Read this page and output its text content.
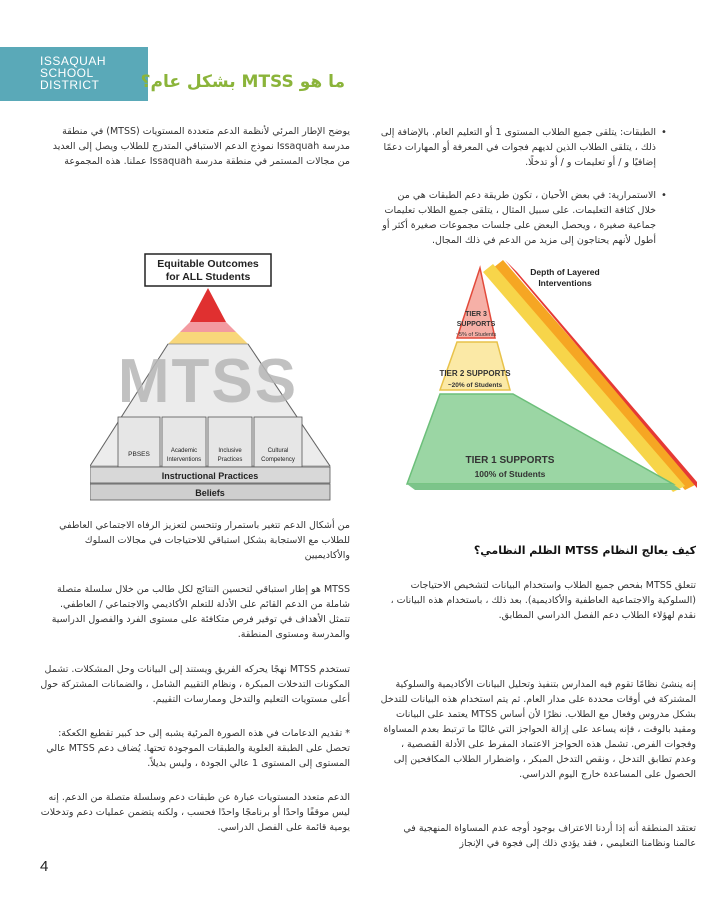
ISSAQUAH
SCHOOL
DISTRICT	ما هو MTSS بشكل عام؟
•

الطبقات: يتلقى جميع الطلاب المستوى 1 أو التعليم العام. بالإضافة إلى ذلك ، يتلقى الطلاب الذين لديهم فجوات في المعرفة أو المهارات دعمًا إضافيًا و / أو تعليمات و / أو تدخلًا.

•

الاستمرارية: في بعض الأحيان ، تكون طريقة دعم الطبقات هي من خلال كثافة التعليمات. على سبيل المثال ، يتلقى جميع الطلاب تعليمات جماعية صغيرة ، ويحصل البعض على جلسات مجموعات صغيرة أكثر أو أطول لأنهم يحتاجون إلى مزيد من الدعم في ذلك المجال.

Depth of Layered
Interventions
TIER 3
SUPPORTS
~5% of Students
TIER 2 SUPPORTS
~20% of Students
TIER 1 SUPPORTS
100% of Students
كيف يعالج النظام MTSS الظلم النظامي؟

تتعلق MTSS بفحص جميع الطلاب واستخدام البيانات لتشخيص الاحتياجات (السلوكية والاجتماعية العاطفية والأكاديمية). بعد ذلك ، باستخدام هذه البيانات ، نقدم لهؤلاء الطلاب دعم الفصل الدراسي المطابق.

إنه ينشئ نظامًا تقوم فيه المدارس بتنفيذ وتحليل البيانات الأكاديمية والسلوكية المشتركة في أوقات محددة على مدار العام. ثم يتم استخدام هذه البيانات للتدخل بشكل مدروس وفعال مع الطلاب. نظرًا لأن أساس MTSS يعتمد على البيانات ومقيد بالوقت ، فإنه يساعد على إزالة الحواجز التي غالبًا ما ترتبط بعدم المساواة وفجوات الفرص. تشمل هذه الحواجز الاعتماد المفرط على الأدلة القصصية ، وعدم تطابق التدخل ، ونقص التدخل المبكر ، واضطرار الطلاب المكافحين إلى الحصول على المساعدة خارج اليوم الدراسي.

تعتقد المنطقة أنه إذا أردنا الاعتراف بوجود أوجه عدم المساواة المنهجية في عالمنا ونظامنا التعليمي ، فقد يؤدي ذلك إلى فجوة في الإنجاز

يوضح الإطار المرئي لأنظمة الدعم متعددة المستويات (MTSS) في منطقة مدرسة Issaquah نموذج الدعم الاستباقي المتدرج للطلاب ويصل إلى العديد من مجالات المستمر في منطقة مدرسة Issaquah عملنا. هذه المجموعة

Equitable Outcomes
for ALL Students
PBSES	Academic
Interventions
Inclusive
Practices
Cultural
Competency
Instructional Practices
Beliefs
MTSS

من أشكال الدعم تتغير باستمرار وتتحسن لتعزيز الرفاه الاجتماعي العاطفي للطلاب مع الاستجابة بشكل استباقي للاحتياجات في مجالات السلوك والأكاديميين

MTSS هو إطار استباقي لتحسين النتائج لكل طالب من خلال سلسلة متصلة شاملة من الدعم القائم على الأدلة للتعلم الأكاديمي والاجتماعي / العاطفي. تتمثل الأهداف في توفير فرص متكافئة على مستوى الفرد والفصول الدراسية والمدرسة ومستوى المنطقة.

تستخدم MTSS نهجًا يحركه الفريق ويستند إلى البيانات وحل المشكلات. تشمل المكونات التدخلات المبكرة ، ونظام التقييم الشامل ، والضمانات المشتركة حول أعلى مستويات التعليم والتدخل وممارسات التقييم.

* تقديم الدعامات في هذه الصورة المرئية يشبه إلى حد كبير تقطيع الكعكة: تحصل على الطبقة العلوية والطبقات الموجودة تحتها. يُضاف دعم MTSS عالي المستوى إلى المستوى 1 عالي الجودة ، وليس بديلاً.

الدعم متعدد المستويات عبارة عن طبقات دعم وسلسلة متصلة من الدعم. إنه ليس موقفًا واحدًا أو برنامجًا واحدًا فحسب ، ولكنه يتضمن عمليات دعم وتدخلات يومية قائمة على الفصل الدراسي.

4
